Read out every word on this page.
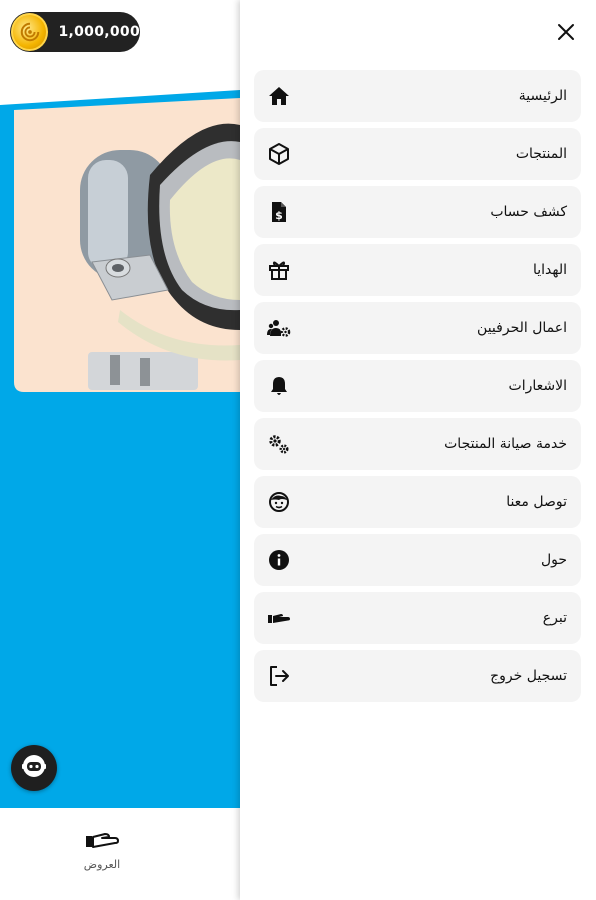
1,000,000
العروض
الرئيسية
المنتجات
$	كشف حساب
الهدايا
اعمال الحرفيين
الاشعارات
خدمة صيانة المنتجات
توصل معنا
حول
تبرع
تسجيل خروج
